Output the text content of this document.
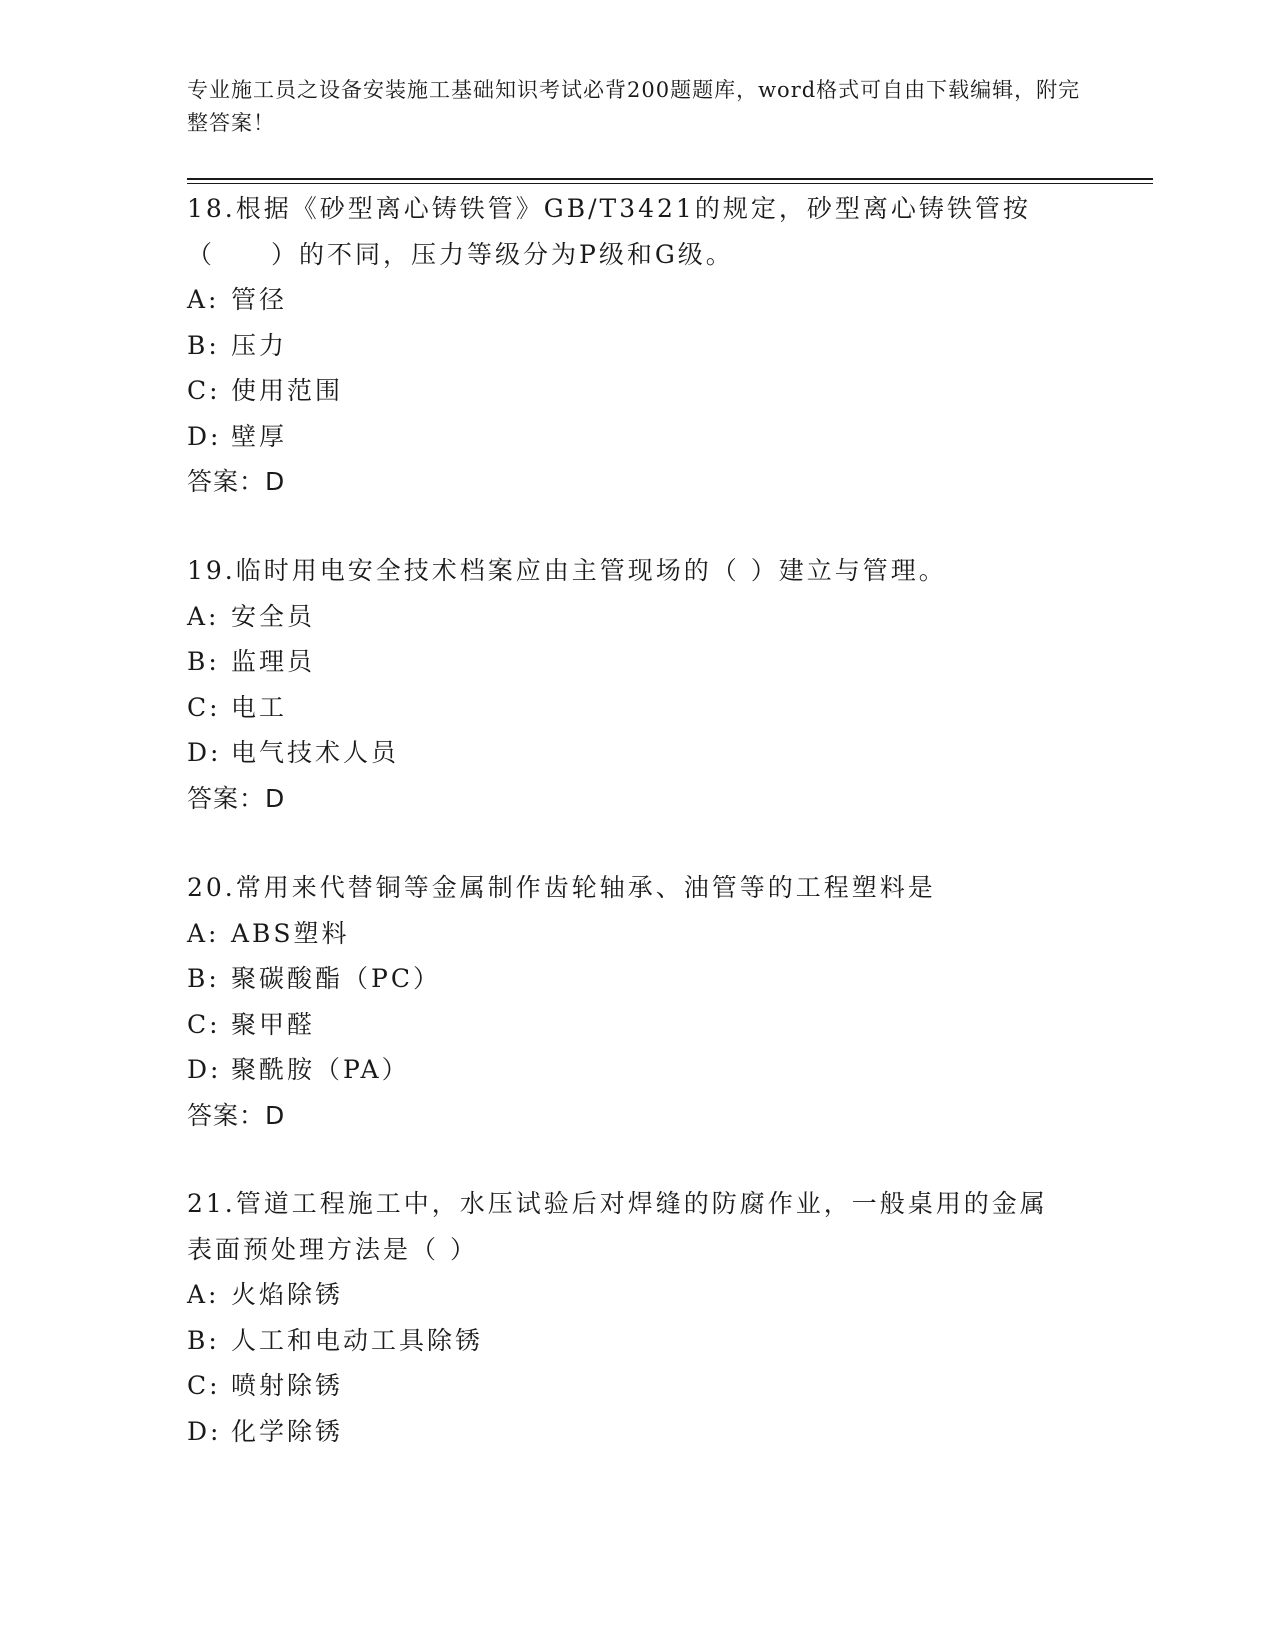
专业施工员之设备安装施工基础知识考试必背200题题库，word格式可自由下载编辑，附完整答案！

18.根据《砂型离心铸铁管》GB/T3421的规定，砂型离心铸铁管按（　　）的不同，压力等级分为P级和G级。

A: 管径

B: 压力

C: 使用范围

D: 壁厚

答案：D

19.临时用电安全技术档案应由主管现场的（ ）建立与管理。

A: 安全员

B: 监理员

C: 电工

D: 电气技术人员

答案：D

20.常用来代替铜等金属制作齿轮轴承、油管等的工程塑料是

A: ABS塑料

B: 聚碳酸酯（PC）

C: 聚甲醛

D: 聚酰胺（PA）

答案：D

21.管道工程施工中，水压试验后对焊缝的防腐作业，一般桌用的金属表面预处理方法是（ ）

A: 火焰除锈

B: 人工和电动工具除锈

C: 喷射除锈

D: 化学除锈
